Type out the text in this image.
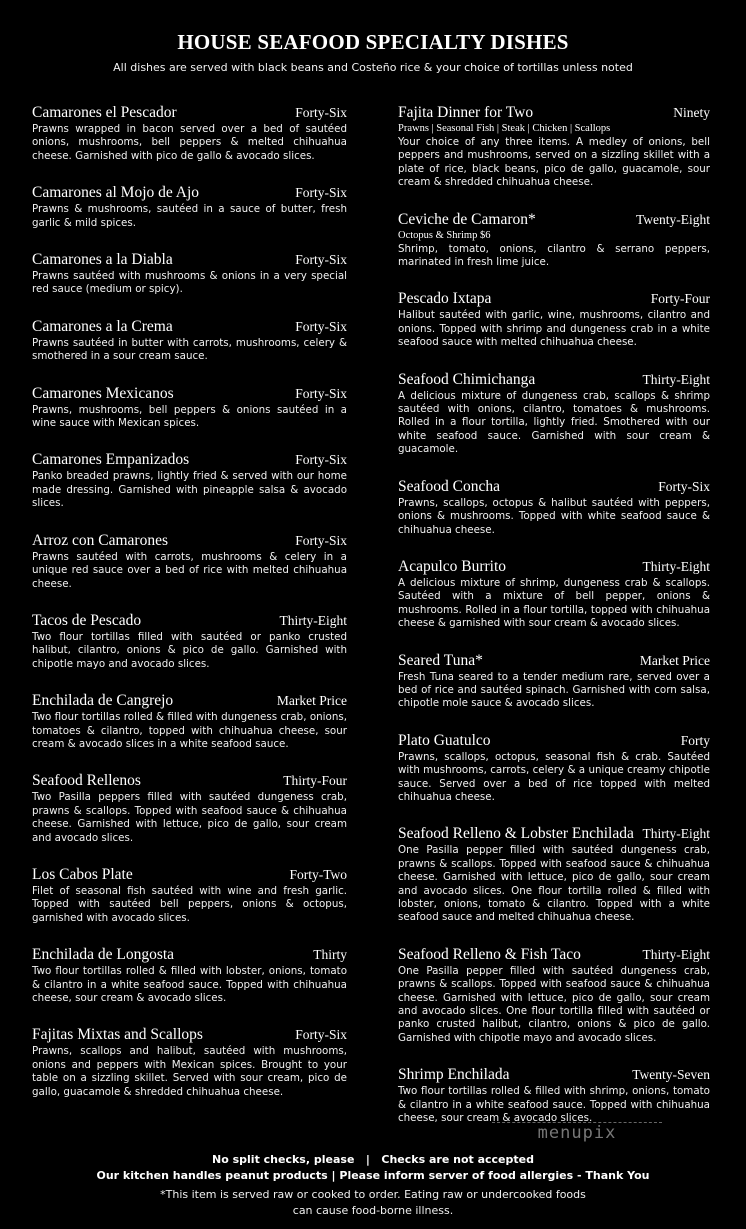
HOUSE SEAFOOD SPECIALTY DISHES
All dishes are served with black beans and Costeño rice & your choice of tortillas unless noted
Camarones el Pescador	Forty-Six
Prawns wrapped in bacon served over a bed of sautéed onions, mushrooms, bell peppers & melted chihuahua cheese. Garnished with pico de gallo & avocado slices.
Camarones al Mojo de Ajo	Forty-Six
Prawns & mushrooms, sautéed in a sauce of butter, fresh garlic & mild spices.
Camarones a la Diabla	Forty-Six
Prawns sautéed with mushrooms & onions in a very special red sauce (medium or spicy).
Camarones a la Crema	Forty-Six
Prawns sautéed in butter with carrots, mushrooms, celery & smothered in a sour cream sauce.
Camarones Mexicanos	Forty-Six
Prawns, mushrooms, bell peppers & onions sautéed in a wine sauce with Mexican spices.
Camarones Empanizados	Forty-Six
Panko breaded prawns, lightly fried & served with our home made dressing. Garnished with pineapple salsa & avocado slices.
Arroz con Camarones	Forty-Six
Prawns sautéed with carrots, mushrooms & celery in a unique red sauce over a bed of rice with melted chihuahua cheese.
Tacos de Pescado	Thirty-Eight
Two flour tortillas filled with sautéed or panko crusted halibut, cilantro, onions & pico de gallo. Garnished with chipotle mayo and avocado slices.
Enchilada de Cangrejo	Market Price
Two flour tortillas rolled & filled with dungeness crab, onions, tomatoes & cilantro, topped with chihuahua cheese, sour cream & avocado slices in a white seafood sauce.
Seafood Rellenos	Thirty-Four
Two Pasilla peppers filled with sautéed dungeness crab, prawns & scallops. Topped with seafood sauce & chihuahua cheese. Garnished with lettuce, pico de gallo, sour cream and avocado slices.
Los Cabos Plate	Forty-Two
Filet of seasonal fish sautéed with wine and fresh garlic. Topped with sautéed bell peppers, onions & octopus, garnished with avocado slices.
Enchilada de Longosta	Thirty
Two flour tortillas rolled & filled with lobster, onions, tomato & cilantro in a white seafood sauce. Topped with chihuahua cheese, sour cream & avocado slices.
Fajitas Mixtas and Scallops	Forty-Six
Prawns, scallops and halibut, sautéed with mushrooms, onions and peppers with Mexican spices. Brought to your table on a sizzling skillet. Served with sour cream, pico de gallo, guacamole & shredded chihuahua cheese.
Fajita Dinner for Two	Ninety
Prawns | Seasonal Fish | Steak | Chicken | Scallops
Your choice of any three items. A medley of onions, bell peppers and mushrooms, served on a sizzling skillet with a plate of rice, black beans, pico de gallo, guacamole, sour cream & shredded chihuahua cheese.
Ceviche de Camaron*	Twenty-Eight
Octopus & Shrimp $6
Shrimp, tomato, onions, cilantro & serrano peppers, marinated in fresh lime juice.
Pescado Ixtapa	Forty-Four
Halibut sautéed with garlic, wine, mushrooms, cilantro and onions. Topped with shrimp and dungeness crab in a white seafood sauce with melted chihuahua cheese.
Seafood Chimichanga	Thirty-Eight
A delicious mixture of dungeness crab, scallops & shrimp sautéed with onions, cilantro, tomatoes & mushrooms. Rolled in a flour tortilla, lightly fried. Smothered with our white seafood sauce. Garnished with sour cream & guacamole.
Seafood Concha	Forty-Six
Prawns, scallops, octopus & halibut sautéed with peppers, onions & mushrooms. Topped with white seafood sauce & chihuahua cheese.
Acapulco Burrito	Thirty-Eight
A delicious mixture of shrimp, dungeness crab & scallops. Sautéed with a mixture of bell pepper, onions & mushrooms. Rolled in a flour tortilla, topped with chihuahua cheese & garnished with sour cream & avocado slices.
Seared Tuna*	Market Price
Fresh Tuna seared to a tender medium rare, served over a bed of rice and sautéed spinach. Garnished with corn salsa, chipotle mole sauce & avocado slices.
Plato Guatulco	Forty
Prawns, scallops, octopus, seasonal fish & crab. Sautéed with mushrooms, carrots, celery & a unique creamy chipotle sauce. Served over a bed of rice topped with melted chihuahua cheese.
Seafood Relleno & Lobster Enchilada Thirty-Eight
One Pasilla pepper filled with sautéed dungeness crab, prawns & scallops. Topped with seafood sauce & chihuahua cheese. Garnished with lettuce, pico de gallo, sour cream and avocado slices. One flour tortilla rolled & filled with lobster, onions, tomato & cilantro. Topped with a white seafood sauce and melted chihuahua cheese.
Seafood Relleno & Fish Taco	Thirty-Eight
One Pasilla pepper filled with sautéed dungeness crab, prawns & scallops. Topped with seafood sauce & chihuahua cheese. Garnished with lettuce, pico de gallo, sour cream and avocado slices. One flour tortilla filled with sautéed or panko crusted halibut, cilantro, onions & pico de gallo. Garnished with chipotle mayo and avocado slices.
Shrimp Enchilada	Twenty-Seven
Two flour tortillas rolled & filled with shrimp, onions, tomato & cilantro in a white seafood sauce. Topped with chihuahua cheese, sour cream & avocado slices.
menupix
No split checks, please   |   Checks are not accepted
Our kitchen handles peanut products | Please inform server of food allergies - Thank You
*This item is served raw or cooked to order. Eating raw or undercooked foods
can cause food-borne illness.
